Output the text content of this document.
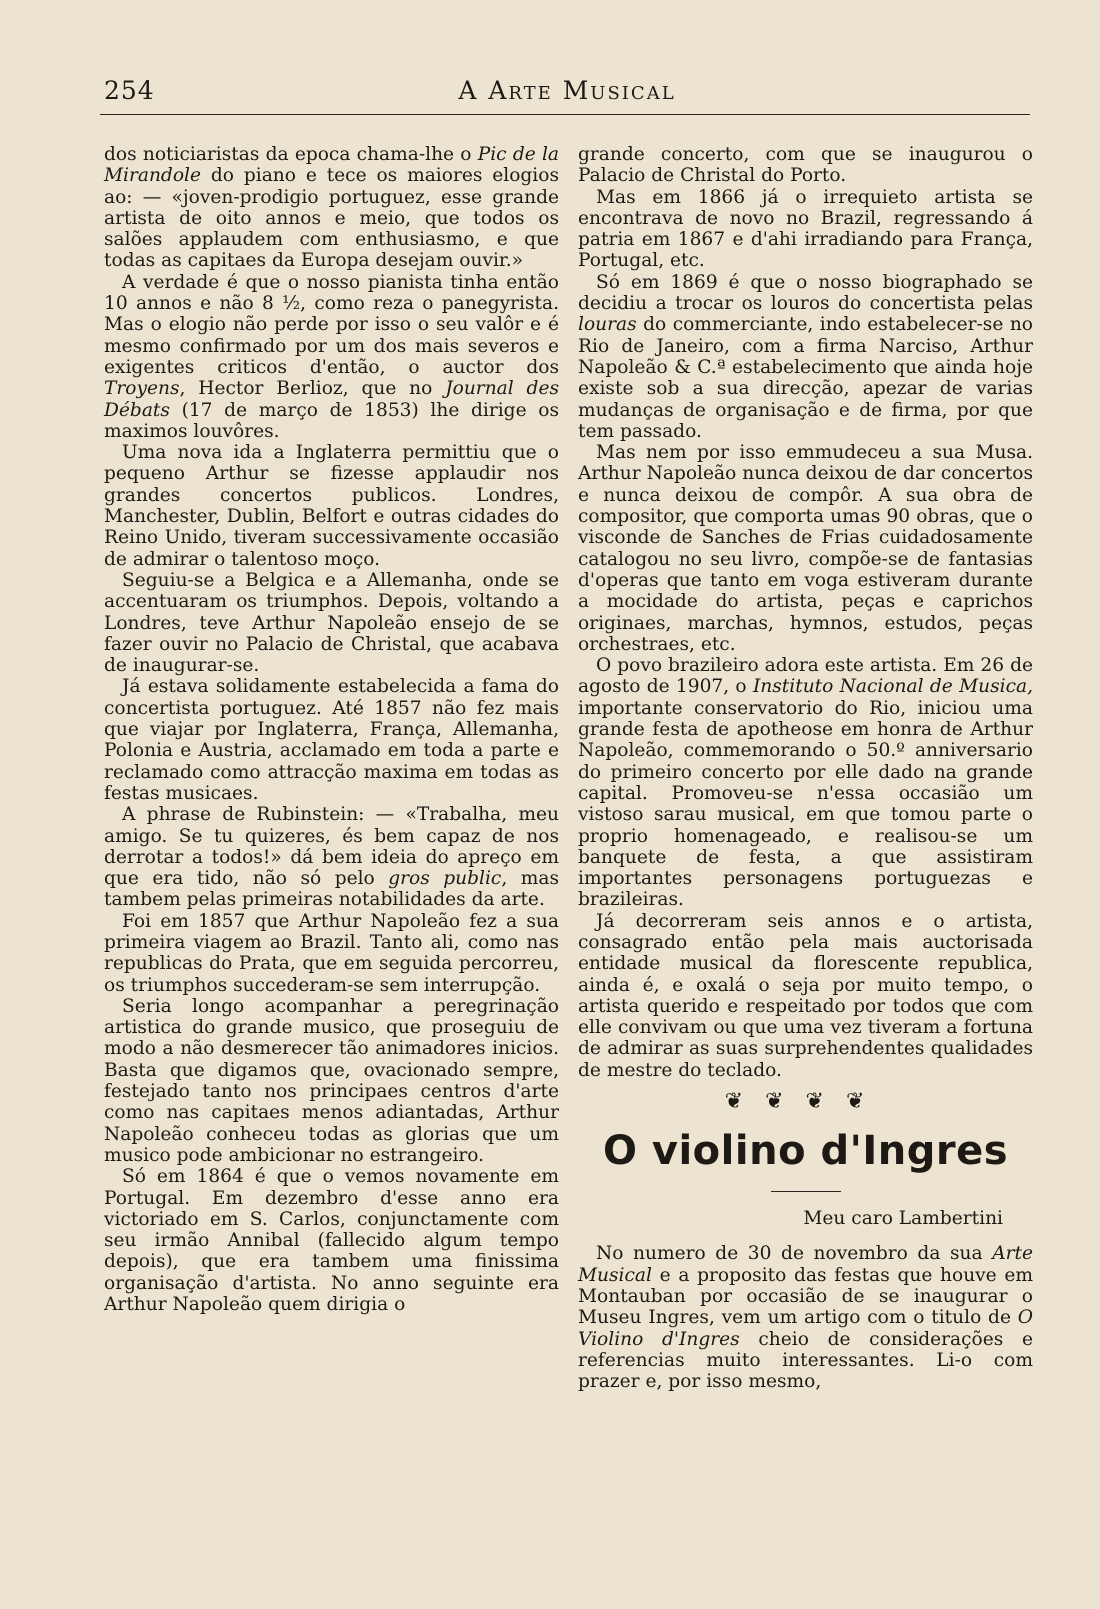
254	A Arte Musical

dos noticiaristas da epoca chama-lhe o Pic de la Mirandole do piano e tece os maiores elogios ao: — «joven-prodigio portuguez, esse grande artista de oito annos e meio, que todos os salões applaudem com enthusiasmo, e que todas as capitaes da Europa desejam ouvir.»

A verdade é que o nosso pianista tinha então 10 annos e não 8 ½, como reza o panegyrista. Mas o elogio não perde por isso o seu valôr e é mesmo confirmado por um dos mais severos e exigentes criticos d'então, o auctor dos Troyens, Hector Berlioz, que no Journal des Débats (17 de março de 1853) lhe dirige os maximos louvôres.

Uma nova ida a Inglaterra permittiu que o pequeno Arthur se fizesse applaudir nos grandes concertos publicos. Londres, Manchester, Dublin, Belfort e outras cidades do Reino Unido, tiveram successivamente occasião de admirar o talentoso moço.

Seguiu-se a Belgica e a Allemanha, onde se accentuaram os triumphos. Depois, voltando a Londres, teve Arthur Napoleão ensejo de se fazer ouvir no Palacio de Christal, que acabava de inaugurar-se.

Já estava solidamente estabelecida a fama do concertista portuguez. Até 1857 não fez mais que viajar por Inglaterra, França, Allemanha, Polonia e Austria, acclamado em toda a parte e reclamado como attracção maxima em todas as festas musicaes.

A phrase de Rubinstein: — «Trabalha, meu amigo. Se tu quizeres, és bem capaz de nos derrotar a todos!» dá bem ideia do apreço em que era tido, não só pelo gros public, mas tambem pelas primeiras notabilidades da arte.

Foi em 1857 que Arthur Napoleão fez a sua primeira viagem ao Brazil. Tanto ali, como nas republicas do Prata, que em seguida percorreu, os triumphos succederam-se sem interrupção.

Seria longo acompanhar a peregrinação artistica do grande musico, que proseguiu de modo a não desmerecer tão animadores inicios. Basta que digamos que, ovacionado sempre, festejado tanto nos principaes centros d'arte como nas capitaes menos adiantadas, Arthur Napoleão conheceu todas as glorias que um musico pode ambicionar no estrangeiro.

Só em 1864 é que o vemos novamente em Portugal. Em dezembro d'esse anno era victoriado em S. Carlos, conjunctamente com seu irmão Annibal (fallecido algum tempo depois), que era tambem uma finissima organisação d'artista. No anno seguinte era Arthur Napoleão quem dirigia o

grande concerto, com que se inaugurou o Palacio de Christal do Porto.

Mas em 1866 já o irrequieto artista se encontrava de novo no Brazil, regressando á patria em 1867 e d'ahi irradiando para França, Portugal, etc.

Só em 1869 é que o nosso biographado se decidiu a trocar os louros do concertista pelas louras do commerciante, indo estabelecer-se no Rio de Janeiro, com a firma Narciso, Arthur Napoleão & C.ª estabelecimento que ainda hoje existe sob a sua direcção, apezar de varias mudanças de organisação e de firma, por que tem passado.

Mas nem por isso emmudeceu a sua Musa. Arthur Napoleão nunca deixou de dar concertos e nunca deixou de compôr. A sua obra de compositor, que comporta umas 90 obras, que o visconde de Sanches de Frias cuidadosamente catalogou no seu livro, compõe-se de fantasias d'operas que tanto em voga estiveram durante a mocidade do artista, peças e caprichos originaes, marchas, hymnos, estudos, peças orchestraes, etc.

O povo brazileiro adora este artista. Em 26 de agosto de 1907, o Instituto Nacional de Musica, importante conservatorio do Rio, iniciou uma grande festa de apotheose em honra de Arthur Napoleão, commemorando o 50.º anniversario do primeiro concerto por elle dado na grande capital. Promoveu-se n'essa occasião um vistoso sarau musical, em que tomou parte o proprio homenageado, e realisou-se um banquete de festa, a que assistiram importantes personagens portuguezas e brazileiras.

Já decorreram seis annos e o artista, consagrado então pela mais auctorisada entidade musical da florescente republica, ainda é, e oxalá o seja por muito tempo, o artista querido e respeitado por todos que com elle convivam ou que uma vez tiveram a fortuna de admirar as suas surprehendentes qualidades de mestre do teclado.

❦❦❦❦
O violino d'Ingres
Meu caro Lambertini

No numero de 30 de novembro da sua Arte Musical e a proposito das festas que houve em Montauban por occasião de se inaugurar o Museu Ingres, vem um artigo com o titulo de O Violino d'Ingres cheio de considerações e referencias muito interessantes. Li-o com prazer e, por isso mesmo,
